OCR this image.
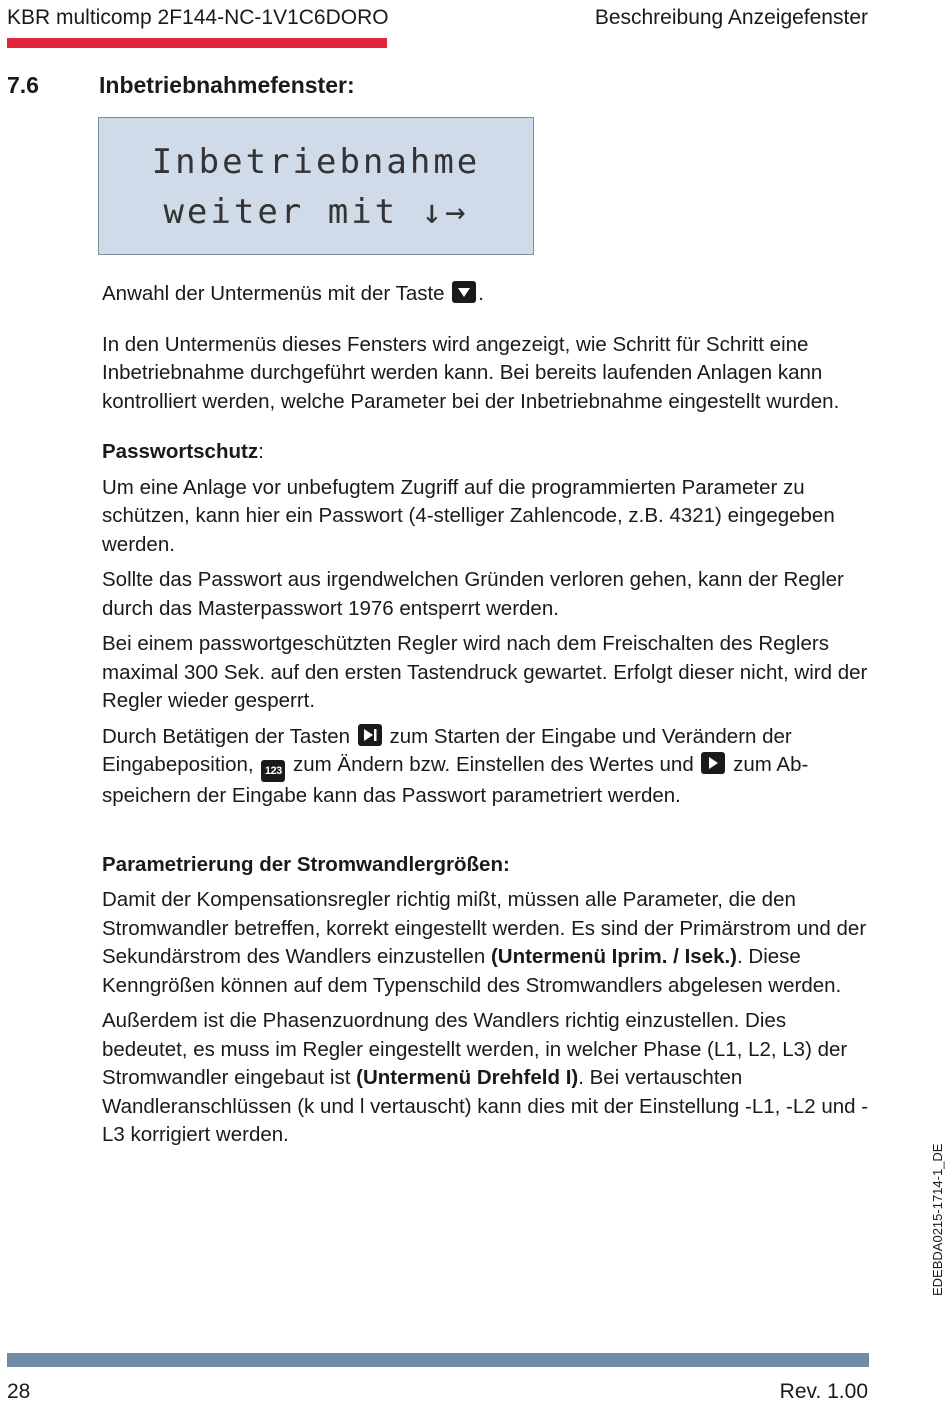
KBR multicomp 2F144-NC-1V1C6DORO	Beschreibung Anzeigefenster
7.6	Inbetriebnahmefenster:
Inbetriebnahme
weiter mit ↓→

Anwahl der Untermenüs mit der Taste .

In den Untermenüs dieses Fensters wird angezeigt, wie Schritt für Schritt eine Inbetriebnahme durchgeführt werden kann. Bei bereits laufenden Anlagen kann kontrolliert werden, welche Parameter bei der Inbetriebnahme eingestellt wurden.

Passwortschutz:

Um eine Anlage vor unbefugtem Zugriff auf die programmierten Parameter zu schützen, kann hier ein Passwort (4-stelliger Zahlencode, z.B. 4321) eingegeben werden.

Sollte das Passwort aus irgendwelchen Gründen verloren gehen, kann der Regler durch das Masterpasswort 1976 entsperrt werden.

Bei einem passwortgeschützten Regler wird nach dem Freischalten des Reglers maximal 300 Sek. auf den ersten Tastendruck gewartet. Erfolgt dieser nicht, wird der Regler wieder gesperrt.

Durch Betätigen der Tasten zum Starten der Eingabe und Verändern der Eingabeposition, 123 zum Ändern bzw. Einstellen des Wertes und zum Ab-speichern der Eingabe kann das Passwort parametriert werden.

Parametrierung der Stromwandlergrößen:

Damit der Kompensationsregler richtig mißt, müssen alle Parameter, die den Stromwandler betreffen, korrekt eingestellt werden. Es sind der Primärstrom und der Sekundärstrom des Wandlers einzustellen (Untermenü Iprim. / Isek.). Diese Kenngrößen können auf dem Typenschild des Stromwandlers abgelesen werden.

Außerdem ist die Phasenzuordnung des Wandlers richtig einzustellen. Dies bedeutet, es muss im Regler eingestellt werden, in welcher Phase (L1, L2, L3) der Stromwandler eingebaut ist (Untermenü Drehfeld I). Bei vertauschten Wandleranschlüssen (k und l vertauscht) kann dies mit der Einstellung -L1, -L2 und -L3 korrigiert werden.

EDEBDA0215-1714-1_DE
28	Rev. 1.00
